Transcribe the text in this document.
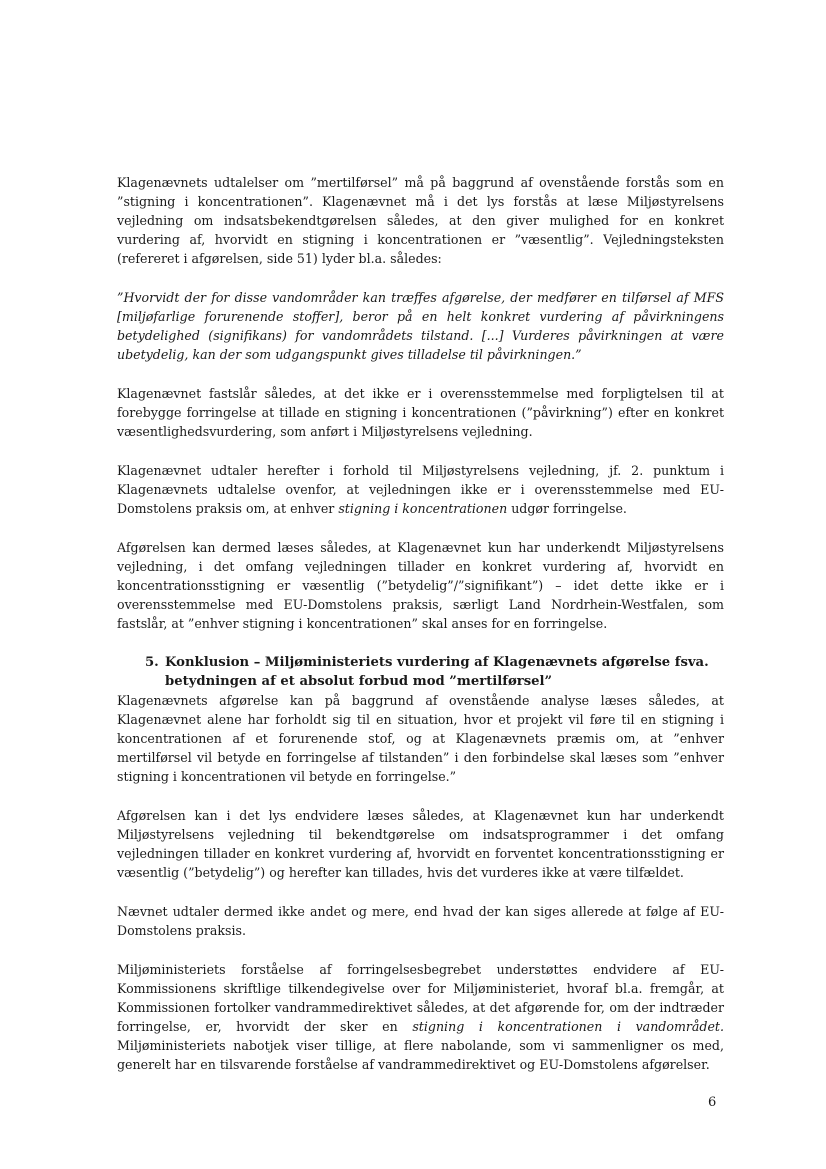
Klagenævnets udtalelser om ”mertilførsel” må på baggrund af ovenstående forstås som en ”stigning i koncentrationen”. Klagenævnet må i det lys forstås at læse Miljøstyrelsens vejledning om indsatsbekendtgørelsen således, at den giver mulighed for en konkret vurdering af, hvorvidt en stigning i koncentrationen er ”væsentlig”. Vejledningsteksten (refereret i afgørelsen, side 51) lyder bl.a. således:

”Hvorvidt der for disse vandområder kan træffes afgørelse, der medfører en tilførsel af MFS [miljøfarlige forurenende stoffer], beror på en helt konkret vurdering af påvirkningens betydelighed (signifikans) for vandområdets tilstand. [...] Vurderes påvirkningen at være ubetydelig, kan der som udgangspunkt gives tilladelse til påvirkningen.”

Klagenævnet fastslår således, at det ikke er i overensstemmelse med forpligtelsen til at forebygge forringelse at tillade en stigning i koncentrationen (”påvirkning”) efter en konkret væsentlighedsvurdering, som anført i Miljøstyrelsens vejledning.

Klagenævnet udtaler herefter i forhold til Miljøstyrelsens vejledning, jf. 2. punktum i Klagenævnets udtalelse ovenfor, at vejledningen ikke er i overensstemmelse med EU-Domstolens praksis om, at enhver stigning i koncentrationen udgør forringelse.

Afgørelsen kan dermed læses således, at Klagenævnet kun har underkendt Miljøstyrelsens vejledning, i det omfang vejledningen tillader en konkret vurdering af, hvorvidt en koncentrationsstigning er væsentlig (”betydelig”/”signifikant”) – idet dette ikke er i overensstemmelse med EU-Domstolens praksis, særligt Land Nordrhein-Westfalen, som fastslår, at ”enhver stigning i koncentrationen” skal anses for en forringelse.

5. Konklusion – Miljøministeriets vurdering af Klagenævnets afgørelse fsva. betydningen af et absolut forbud mod ”mertilførsel”

Klagenævnets afgørelse kan på baggrund af ovenstående analyse læses således, at Klagenævnet alene har forholdt sig til en situation, hvor et projekt vil føre til en stigning i koncentrationen af et forurenende stof, og at Klagenævnets præmis om, at ”enhver mertilførsel vil betyde en forringelse af tilstanden” i den forbindelse skal læses som ”enhver stigning i koncentrationen vil betyde en forringelse.”

Afgørelsen kan i det lys endvidere læses således, at Klagenævnet kun har underkendt Miljøstyrelsens vejledning til bekendtgørelse om indsatsprogrammer i det omfang vejledningen tillader en konkret vurdering af, hvorvidt en forventet koncentrationsstigning er væsentlig (”betydelig”) og herefter kan tillades, hvis det vurderes ikke at være tilfældet.

Nævnet udtaler dermed ikke andet og mere, end hvad der kan siges allerede at følge af EU-Domstolens praksis.

Miljøministeriets forståelse af forringelsesbegrebet understøttes endvidere af EU-Kommissionens skriftlige tilkendegivelse over for Miljøministeriet, hvoraf bl.a. fremgår, at Kommissionen fortolker vandrammedirektivet således, at det afgørende for, om der indtræder forringelse, er, hvorvidt der sker en stigning i koncentrationen i vandområdet. Miljøministeriets nabotjek viser tillige, at flere nabolande, som vi sammenligner os med, generelt har en tilsvarende forståelse af vandrammedirektivet og EU-Domstolens afgørelser.

6
